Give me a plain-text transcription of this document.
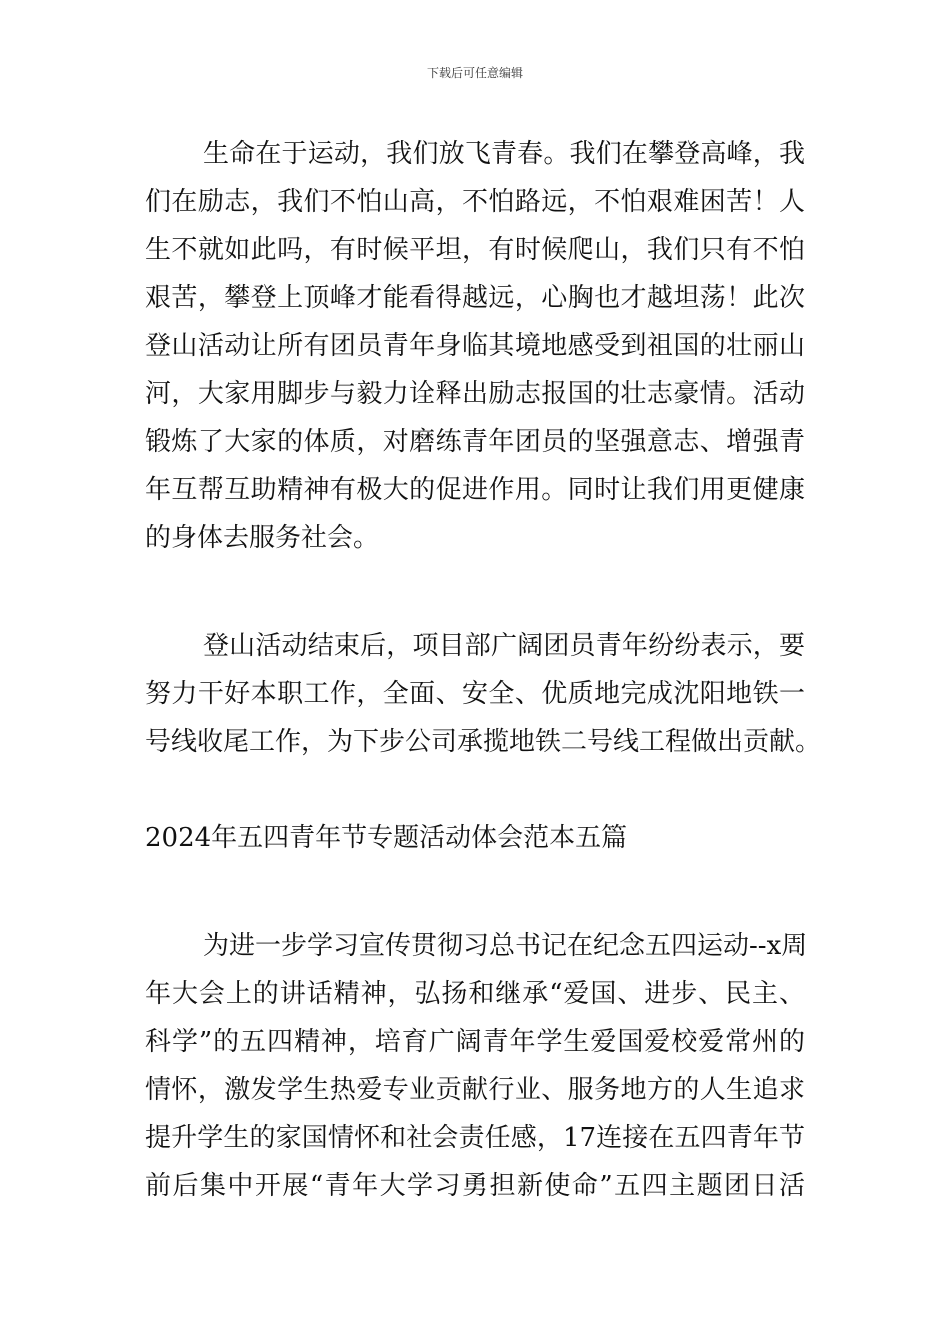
下载后可任意编辑
生命在于运动，我们放飞青春。我们在攀登高峰，我
们在励志，我们不怕山高，不怕路远，不怕艰难困苦！人
生不就如此吗，有时候平坦，有时候爬山，我们只有不怕
艰苦，攀登上顶峰才能看得越远，心胸也才越坦荡！此次
登山活动让所有团员青年身临其境地感受到祖国的壮丽山
河，大家用脚步与毅力诠释出励志报国的壮志豪情。活动
锻炼了大家的体质，对磨练青年团员的坚强意志、增强青
年互帮互助精神有极大的促进作用。同时让我们用更健康
的身体去服务社会。
登山活动结束后，项目部广阔团员青年纷纷表示，要
努力干好本职工作，全面、安全、优质地完成沈阳地铁一
号线收尾工作，为下步公司承揽地铁二号线工程做出贡献。
2024年五四青年节专题活动体会范本五篇
为进一步学习宣传贯彻习总书记在纪念五四运动--x周
年大会上的讲话精神，弘扬和继承“爱国、进步、民主、
科学”的五四精神，培育广阔青年学生爱国爱校爱常州的
情怀，激发学生热爱专业贡献行业、服务地方的人生追求
提升学生的家国情怀和社会责任感，17连接在五四青年节
前后集中开展“青年大学习勇担新使命”五四主题团日活
